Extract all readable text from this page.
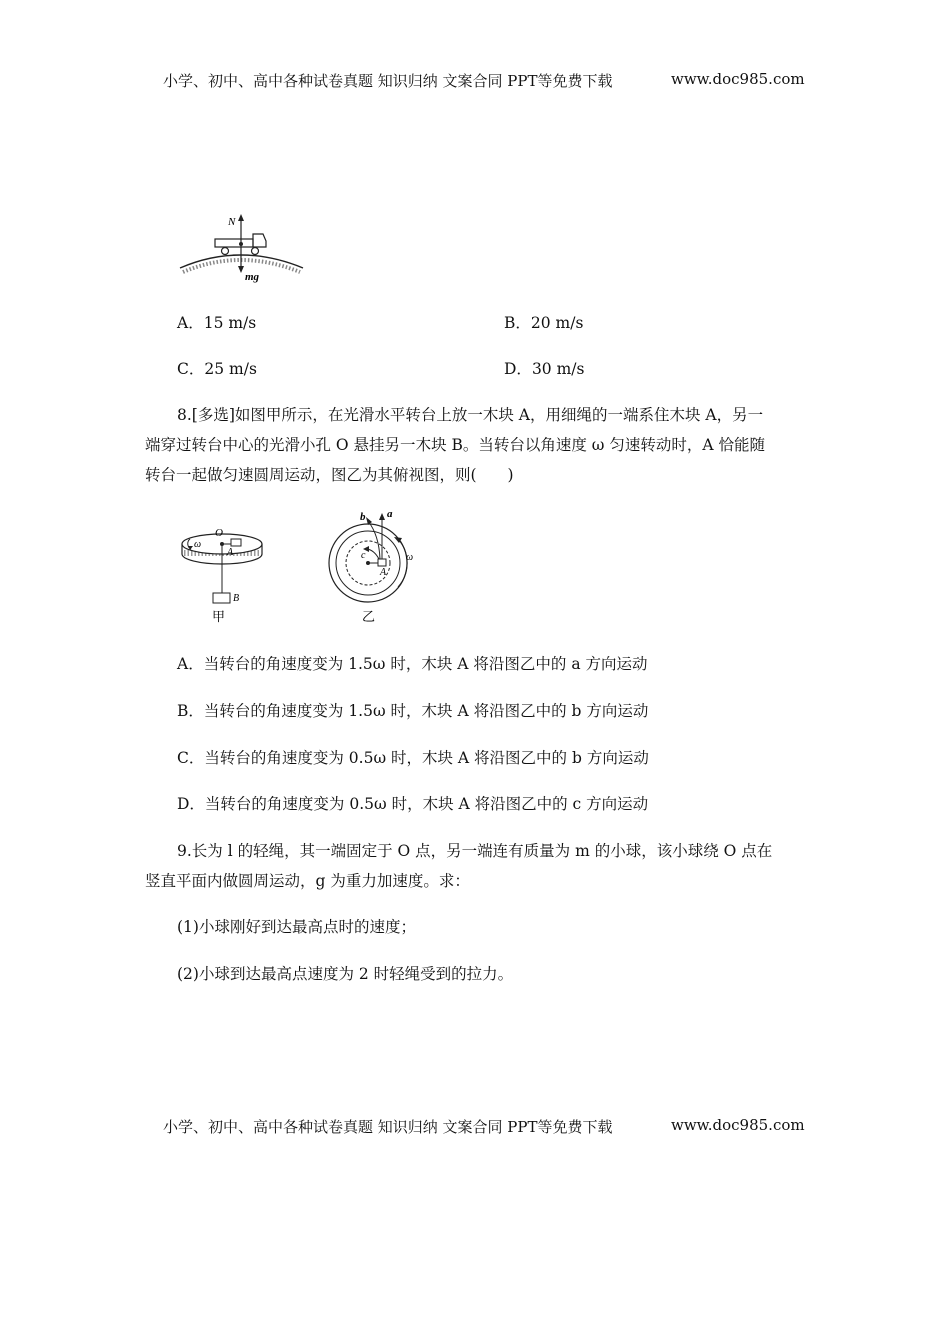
小学、初中、高中各种试卷真题 知识归纳 文案合同 PPT等免费下载	www.doc985.com
N
mg
A．15 m/s	B．20 m/s
C．25 m/s	D．30 m/s
8.[多选]如图甲所示，在光滑水平转台上放一木块 A，用细绳的一端系住木块 A，另一
端穿过转台中心的光滑小孔 O 悬挂另一木块 B。当转台以角速度 ω 匀速转动时，A 恰能随
转台一起做匀速圆周运动，图乙为其俯视图，则(　　)
O
A
B
ω
甲
a
b
c
A
ω
乙
A．当转台的角速度变为 1.5ω 时，木块 A 将沿图乙中的 a 方向运动
B．当转台的角速度变为 1.5ω 时，木块 A 将沿图乙中的 b 方向运动
C．当转台的角速度变为 0.5ω 时，木块 A 将沿图乙中的 b 方向运动
D．当转台的角速度变为 0.5ω 时，木块 A 将沿图乙中的 c 方向运动
9.长为 l 的轻绳，其一端固定于 O 点，另一端连有质量为 m 的小球，该小球绕 O 点在
竖直平面内做圆周运动，g 为重力加速度。求：
(1)小球刚好到达最高点时的速度；
(2)小球到达最高点速度为 2 时轻绳受到的拉力。
小学、初中、高中各种试卷真题 知识归纳 文案合同 PPT等免费下载	www.doc985.com
